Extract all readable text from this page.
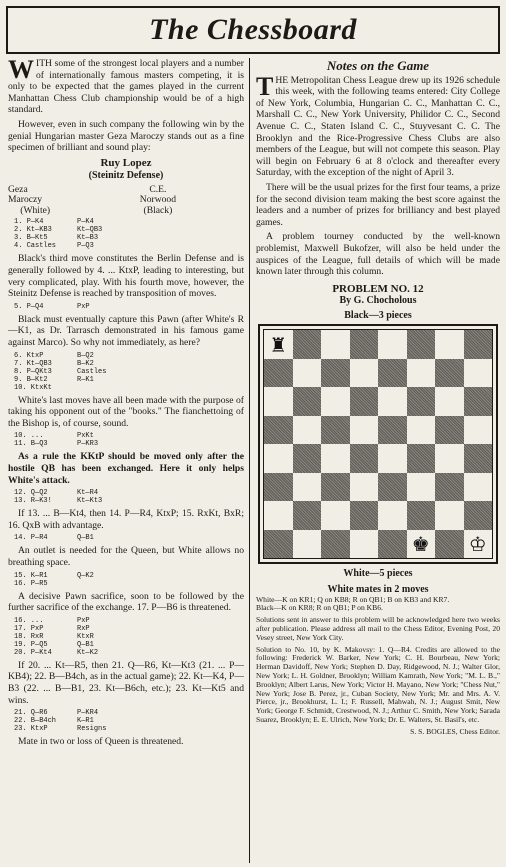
The Chessboard

WITH some of the strongest local players and a number of internationally famous masters competing, it is only to be expected that the games played in the current Manhattan Chess Club championship would be of a high standard.

However, even in such company the following win by the genial Hungarian master Geza Maroczy stands out as a fine specimen of brilliant and sound play:

Ruy Lopez
(Steinitz Defense)
Geza Maroczy
(White)
C.E. Norwood
(Black)
1. P—K4        P—K4
2. Kt—KB3      Kt—QB3
3. B—Kt5       Kt—B3
4. Castles     P—Q3

Black's third move constitutes the Berlin Defense and is generally followed by 4. ... KtxP, leading to interesting, but very complicated, play. With his fourth move, however, the Steinitz Defense is reached by transposition of moves.

5. P—Q4        PxP

Black must eventually capture this Pawn (after White's R—K1, as Dr. Tarrasch demonstrated in his famous game against Marco). So why not immediately, as here?

6. KtxP        B—Q2
7. Kt—QB3      B—K2
8. P—QKt3      Castles
9. B—Kt2       R—K1
10. KtxKt

White's last moves have all been made with the purpose of taking his opponent out of the "books." The fianchettoing of the Bishop is, of course, sound.

10. ...        PxKt
11. B—Q3       P—KR3

As a rule the KKtP should be moved only after the hostile QB has been exchanged. Here it only helps White's attack.

12. Q—Q2       Kt—R4
13. R—K3!      Kt—Kt3

If 13. ... B—Kt4, then 14. P—R4, KtxP; 15. RxKt, BxR; 16. QxB with advantage.

14. P—R4       Q—B1

An outlet is needed for the Queen, but White allows no breathing space.

15. K—R1       Q—K2
16. P—R5

A decisive Pawn sacrifice, soon to be followed by the further sacrifice of the exchange. 17. P—B6 is threatened.

16. ...        PxP
17. PxP        RxP
18. RxR        KtxR
19. P—Q5       Q—B1
20. P—Kt4      Kt—K2

If 20. ... Kt—R5, then 21. Q—R6, Kt—Kt3 (21. ... P—KB4); 22. B—B4ch, as in the actual game); 22. Kt—K4, P—B3 (22. ... B—B1, 23. Kt—B6ch, etc.); 23. Kt—Kt5 and wins.

21. Q—R6       P—KR4
22. B—B4ch     K—R1
23. KtxP       Resigns

Mate in two or loss of Queen is threatened.

Notes on the Game

THE Metropolitan Chess League drew up its 1926 schedule this week, with the following teams entered: City College of New York, Columbia, Hungarian C. C., Manhattan C. C., Marshall C. C., New York University, Philidor C. C., Second Avenue C. C., Staten Island C. C., Stuyvesant C. C. The Brooklyn and the Rice-Progressive Chess Clubs are also members of the League, but will not compete this season. Play will begin on February 6 at 8 o'clock and thereafter every Saturday, with the exception of the night of April 3.

There will be the usual prizes for the first four teams, a prize for the second division team making the best score against the leaders and a number of prizes for brilliancy and best played games.

A problem tourney conducted by the well-known problemist, Maxwell Bukofzer, will also be held under the auspices of the League, full details of which will be made known later through this column.

PROBLEM NO. 12
By G. Chocholous
Black—3 pieces
♜
♚ ♔
White—5 pieces
White mates in 2 moves

White—K on KR1; Q on KB8; R on QB1; B on KB3 and KR7.
Black—K on KR8; R on QB1; P on KB6.

Solutions sent in answer to this problem will be acknowledged here two weeks after publication. Please address all mail to the Chess Editor, Evening Post, 20 Vesey street, New York City.

Solution to No. 10, by K. Makovsy: 1. Q—R4. Credits are allowed to the following: Frederick W. Barker, New York; C. H. Bourbeau, New York; Herman Davidoff, New York; Stephen D. Day, Ridgewood, N. J.; Walter Glor, New York; L. H. Goldner, Brooklyn; William Kamrath, New York; "M. L. B.," Brooklyn; Albert Larus, New York; Victor H. Mayano, New York; "Chess Nut," New York; Jose B. Perez, jr., Cuban Society, New York; Mr. and Mrs. A. V. Pierce, jr., Brookhurst, L. I.; F. Russell, Mahwah, N. J.; August Smit, New York; George F. Schmidt, Crestwood, N. J.; Arthur C. Smith, New York; Sarada Suarez, Brooklyn; E. E. Ulrich, New York; Dr. E. Walters, St. Basil's, etc.

S. S. BOGLES, Chess Editor.
